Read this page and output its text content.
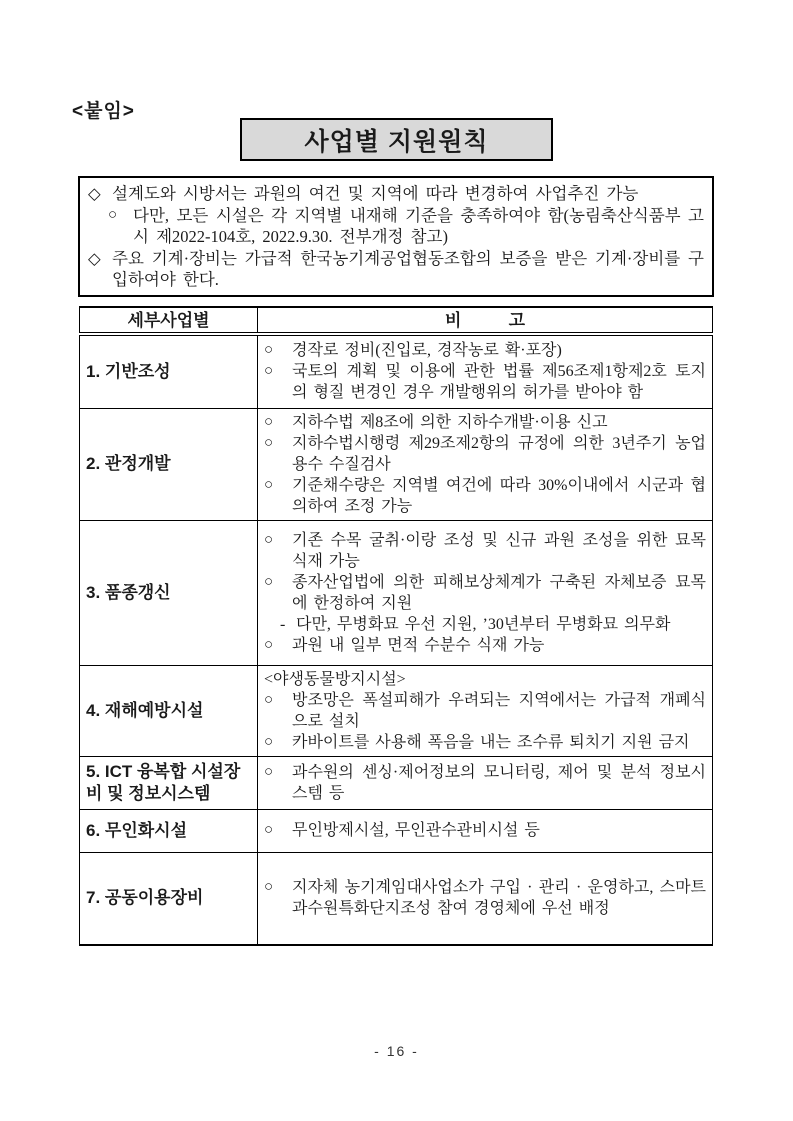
<붙임>
사업별 지원원칙
◇ 설계도와 시방서는 과원의 여건 및 지역에 따라 변경하여 사업추진 가능
○ 다만, 모든 시설은 각 지역별 내재해 기준을 충족하여야 함(농림축산식품부 고시 제2022-104호, 2022.9.30. 전부개정 참고)
◇ 주요 기계·장비는 가급적 한국농기계공업협동조합의 보증을 받은 기계·장비를 구입하여야 한다.
세부사업별	비          고
1. 기반조성	○ 경작로 정비(진입로, 경작농로 확·포장)
○ 국토의 계획 및 이용에 관한 법률 제56조제1항제2호 토지의 형질 변경인 경우 개발행위의 허가를 받아야 함

2. 관정개발	
○	지하수법 제8조에 의한 지하수개발·이용 신고
○	지하수법시행령 제29조제2항의 규정에 의한 3년주기 농업용수 수질검사
○	기준채수량은 지역별 여건에 따라 30%이내에서 시군과 협의하여 조정 가능

3. 품종갱신	
○	기존 수목 굴취·이랑 조성 및 신규 과원 조성을 위한 묘목 식재 가능
○	종자산업법에 의한 피해보상체계가 구축된 자체보증 묘목에 한정하여 지원
- 다만, 무병화묘 우선 지원, ’30년부터 무병화묘 의무화
○	과원 내 일부 면적 수분수 식재 가능

4. 재해예방시설	<야생동물방지시설>
○ 방조망은 폭설피해가 우려되는 지역에서는 가급적 개폐식으로 설치
○ 카바이트를 사용해 폭음을 내는 조수류 퇴치기 지원 금지

5. ICT 융복합 시설장비 및 정보시스템	○ 과수원의 센싱·제어정보의 모니터링, 제어 및 분석 정보시스템 등

6. 무인화시설	○ 무인방제시설, 무인관수관비시설 등

7. 공동이용장비	○ 지자체 농기계임대사업소가 구입 · 관리 · 운영하고, 스마트과수원특화단지조성 참여 경영체에 우선 배정
- 16 -
